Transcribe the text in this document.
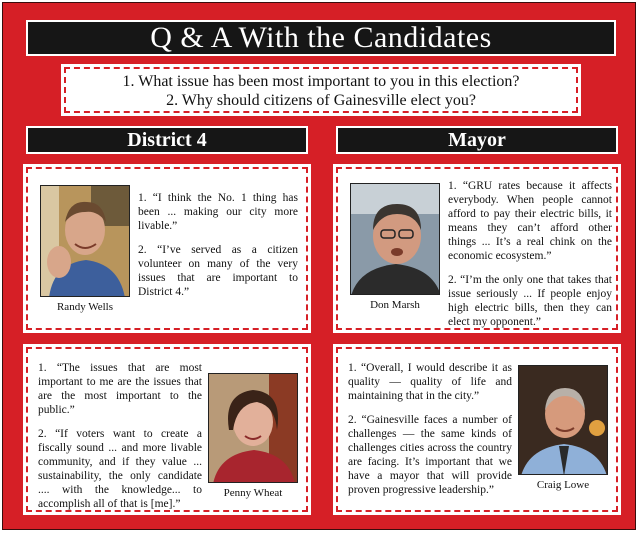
Q & A With the Candidates
1. What issue has been most important to you in this election?
2. Why should citizens of Gainesville elect you?
District 4	Mayor
Randy Wells

1. “I think the No. 1 thing has been ... making our city more livable.”

2. “I’ve served as a citizen volunteer on many of the very issues that are important to District 4.”

Don Marsh

1. “GRU rates because it affects everybody. When people cannot afford to pay their electric bills, it means they can’t afford other things ... It’s a real chink on the economic ecosystem.”

2. “I’m the only one that takes that issue seriously ... If people enjoy high electric bills, then they can elect my opponent.”

1. “The issues that are most important to me are the issues that are the most important to the public.”

2. “If voters want to create a fiscally sound ... and more livable community, and if they value ... sustainability, the only candidate .... with the knowledge... to accomplish all of that is [me].”

Penny Wheat

1. “Overall, I would describe it as quality — quality of life and maintaining that in the city.”

2. “Gainesville faces a number of challenges — the same kinds of challenges cities across the country are facing. It’s important that we have a mayor that will provide proven progressive leadership.”	Craig Lowe
